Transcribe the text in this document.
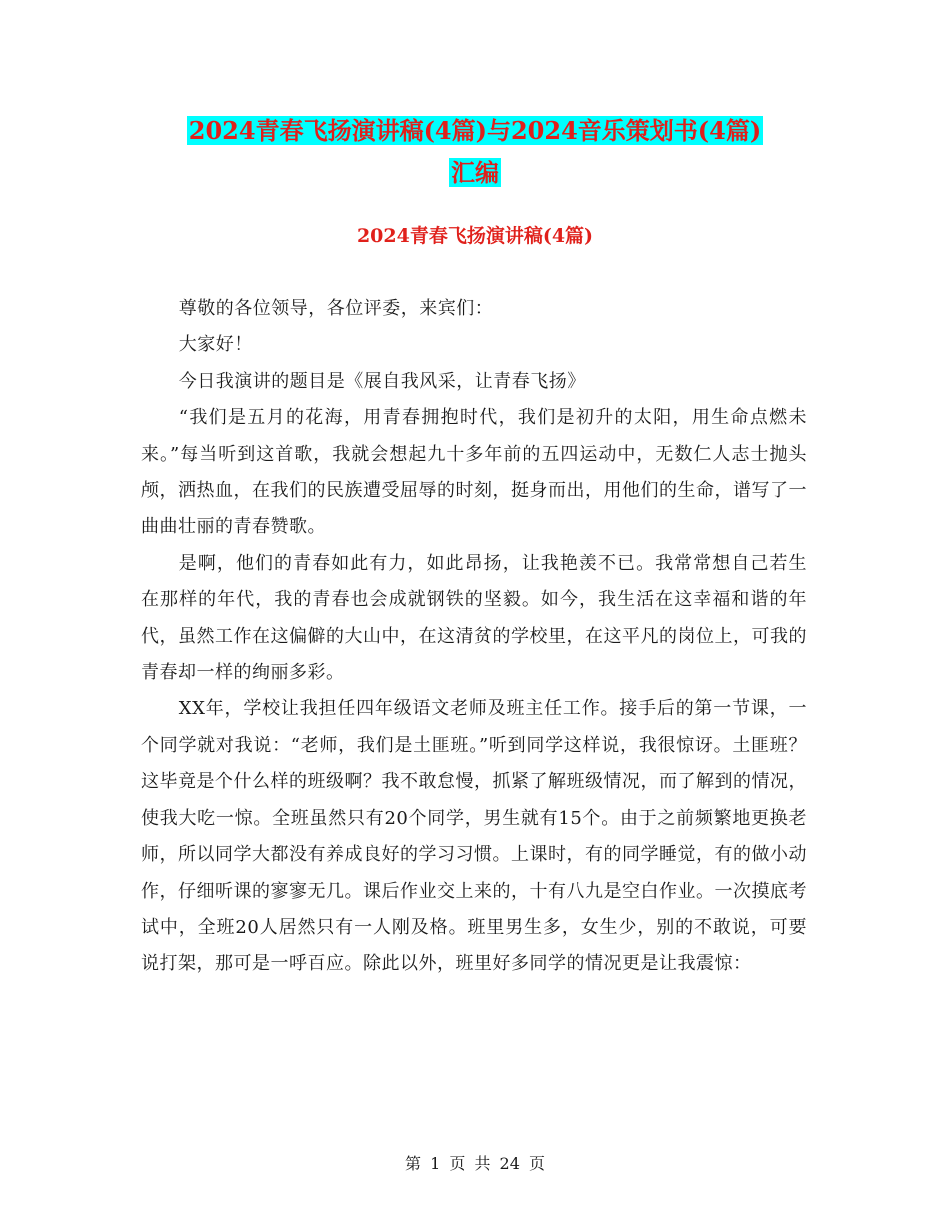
2024青春飞扬演讲稿(4篇)与2024音乐策划书(4篇)
汇编
2024青春飞扬演讲稿(4篇)

尊敬的各位领导，各位评委，来宾们：

大家好！

今日我演讲的题目是《展自我风采，让青春飞扬》

“我们是五月的花海，用青春拥抱时代，我们是初升的太阳，用生命点燃未来。”每当听到这首歌，我就会想起九十多年前的五四运动中，无数仁人志士抛头颅，洒热血，在我们的民族遭受屈辱的时刻，挺身而出，用他们的生命，谱写了一曲曲壮丽的青春赞歌。

是啊，他们的青春如此有力，如此昂扬，让我艳羡不已。我常常想自己若生在那样的年代，我的青春也会成就钢铁的坚毅。如今，我生活在这幸福和谐的年代，虽然工作在这偏僻的大山中，在这清贫的学校里，在这平凡的岗位上，可我的青春却一样的绚丽多彩。

XX年，学校让我担任四年级语文老师及班主任工作。接手后的第一节课，一个同学就对我说：“老师，我们是土匪班。”听到同学这样说，我很惊讶。土匪班？这毕竟是个什么样的班级啊？我不敢怠慢，抓紧了解班级情况，而了解到的情况，使我大吃一惊。全班虽然只有20个同学，男生就有15个。由于之前频繁地更换老师，所以同学大都没有养成良好的学习习惯。上课时，有的同学睡觉，有的做小动作，仔细听课的寥寥无几。课后作业交上来的，十有八九是空白作业。一次摸底考试中，全班20人居然只有一人刚及格。班里男生多，女生少，别的不敢说，可要说打架，那可是一呼百应。除此以外，班里好多同学的情况更是让我震惊：

第 1 页 共 24 页
